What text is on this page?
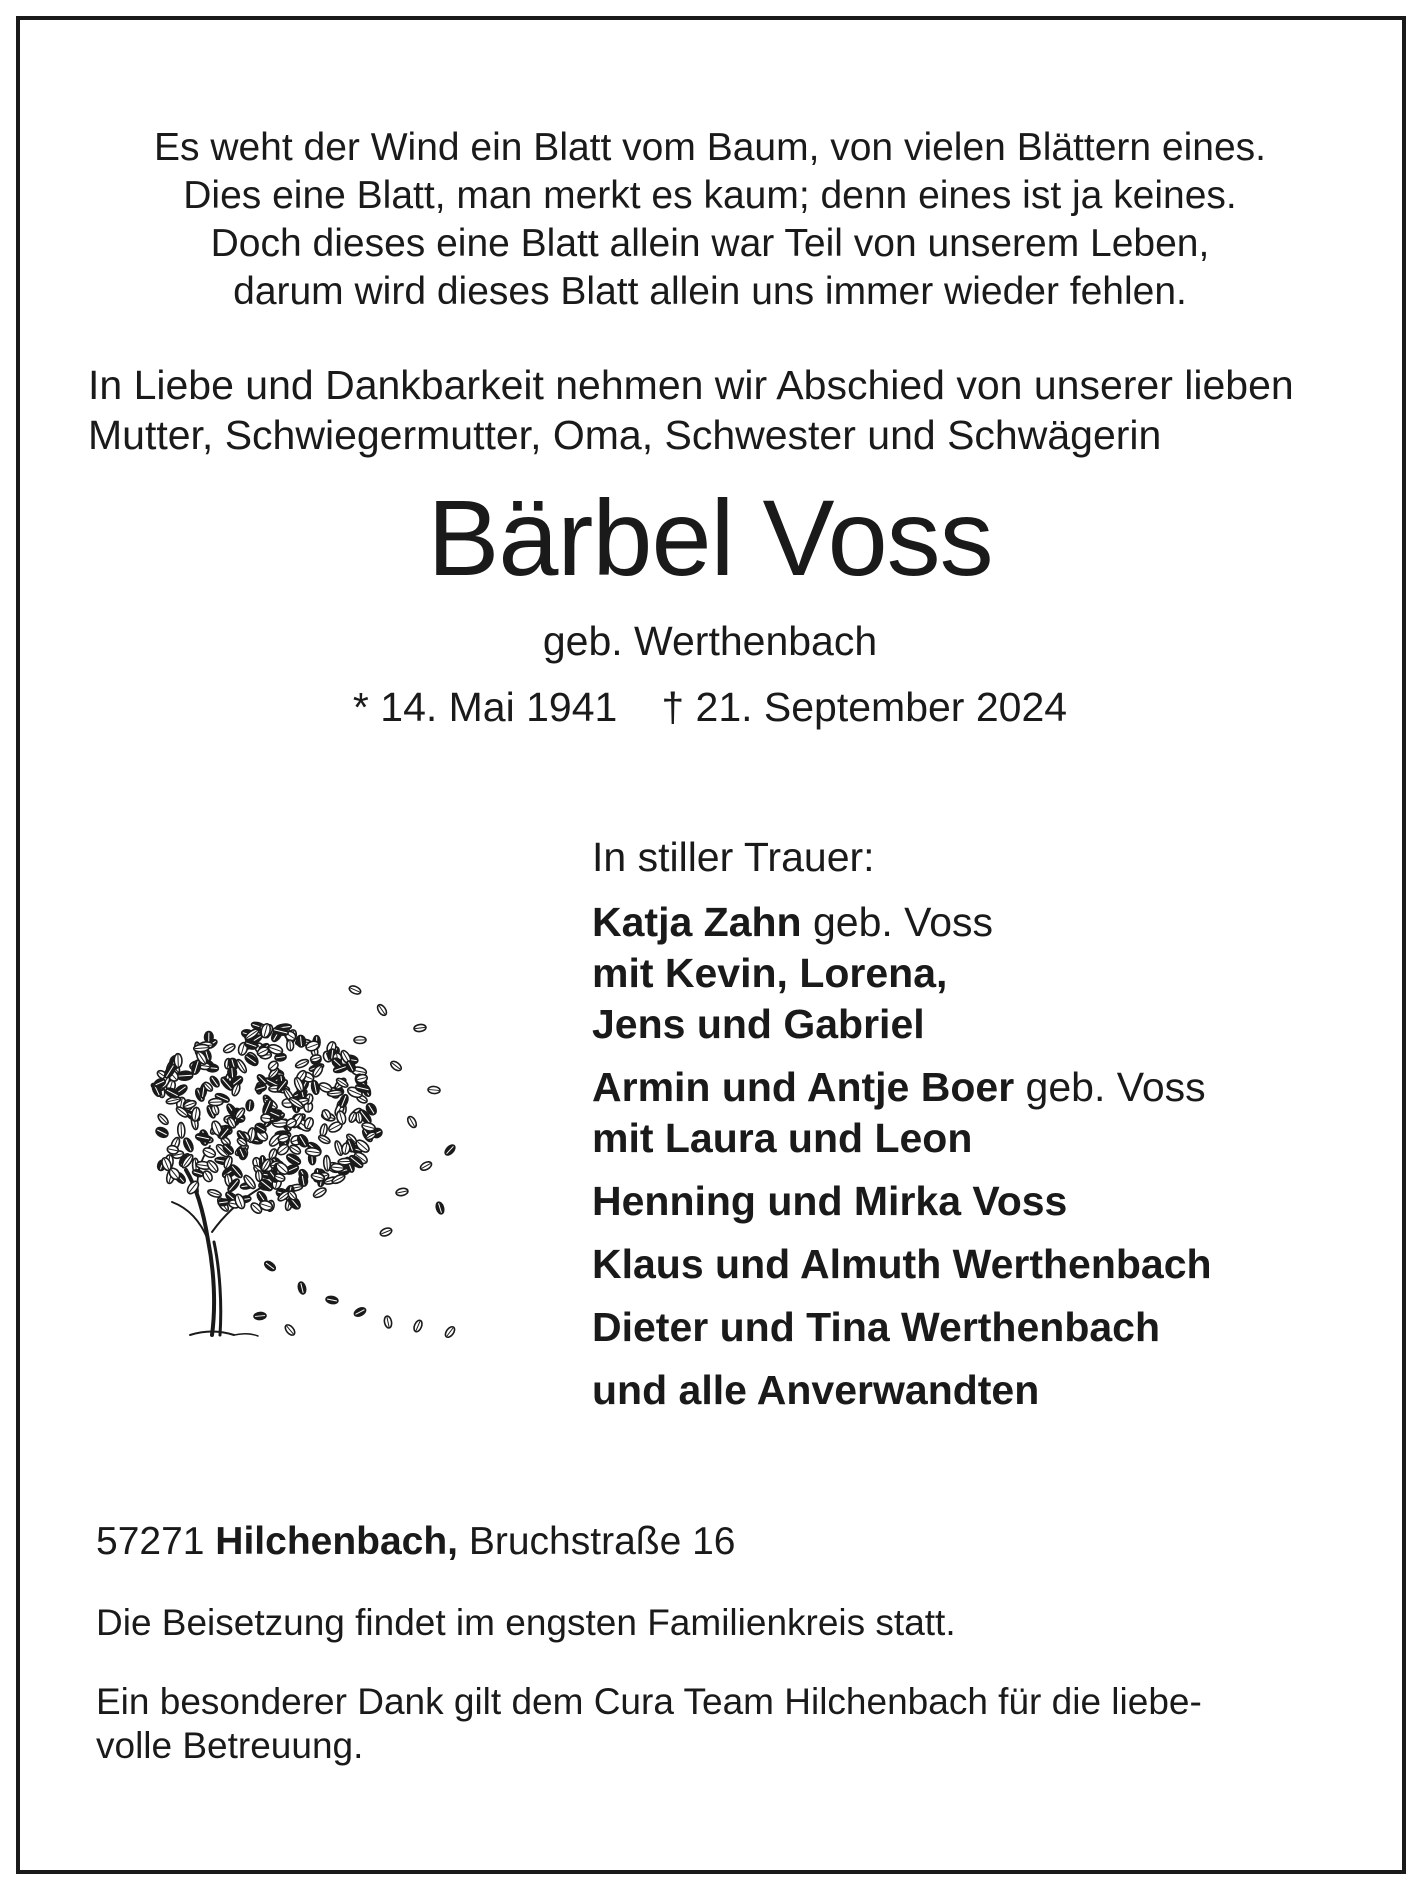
Es weht der Wind ein Blatt vom Baum, von vielen Blättern eines.
Dies eine Blatt, man merkt es kaum; denn eines ist ja keines.
Doch dieses eine Blatt allein war Teil von unserem Leben,
darum wird dieses Blatt allein uns immer wieder fehlen.
In Liebe und Dankbarkeit nehmen wir Abschied von unserer lieben
Mutter, Schwiegermutter, Oma, Schwester und Schwägerin
Bärbel Voss
geb. Werthenbach
* 14. Mai 1941 † 21. September 2024
In stiller Trauer:
Katja Zahn geb. Voss
mit Kevin, Lorena,
Jens und Gabriel
Armin und Antje Boer geb. Voss
mit Laura und Leon
Henning und Mirka Voss
Klaus und Almuth Werthenbach
Dieter und Tina Werthenbach
und alle Anverwandten
57271 Hilchenbach, Bruchstraße 16
Die Beisetzung findet im engsten Familienkreis statt.
Ein besonderer Dank gilt dem Cura Team Hilchenbach für die liebe-
volle Betreuung.
